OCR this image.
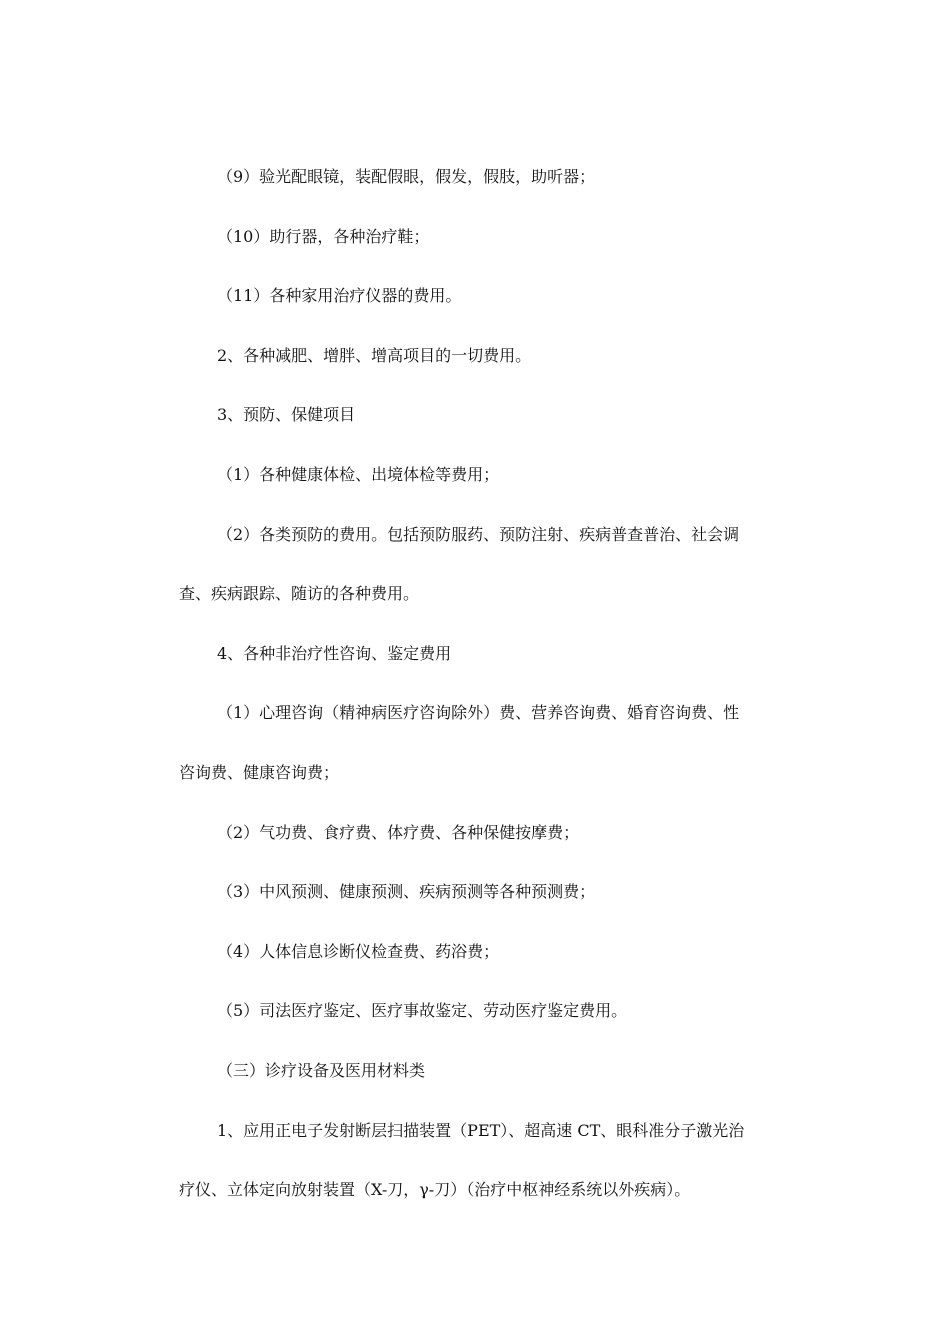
（9）验光配眼镜，装配假眼，假发，假肢，助听器；

（10）助行器，各种治疗鞋；

（11）各种家用治疗仪器的费用。

2、各种减肥、增胖、增高项目的一切费用。

3、预防、保健项目

（1）各种健康体检、出境体检等费用；

（2）各类预防的费用。包括预防服药、预防注射、疾病普查普治、社会调
查、疾病跟踪、随访的各种费用。

4、各种非治疗性咨询、鉴定费用

（1）心理咨询（精神病医疗咨询除外）费、营养咨询费、婚育咨询费、性
咨询费、健康咨询费；

（2）气功费、食疗费、体疗费、各种保健按摩费；

（3）中风预测、健康预测、疾病预测等各种预测费；

（4）人体信息诊断仪检查费、药浴费；

（5）司法医疗鉴定、医疗事故鉴定、劳动医疗鉴定费用。

（三）诊疗设备及医用材料类

1、应用正电子发射断层扫描装置（PET）、超高速 CT、眼科准分子激光治
疗仪、立体定向放射装置（X-刀，γ-刀）（治疗中枢神经系统以外疾病）。
